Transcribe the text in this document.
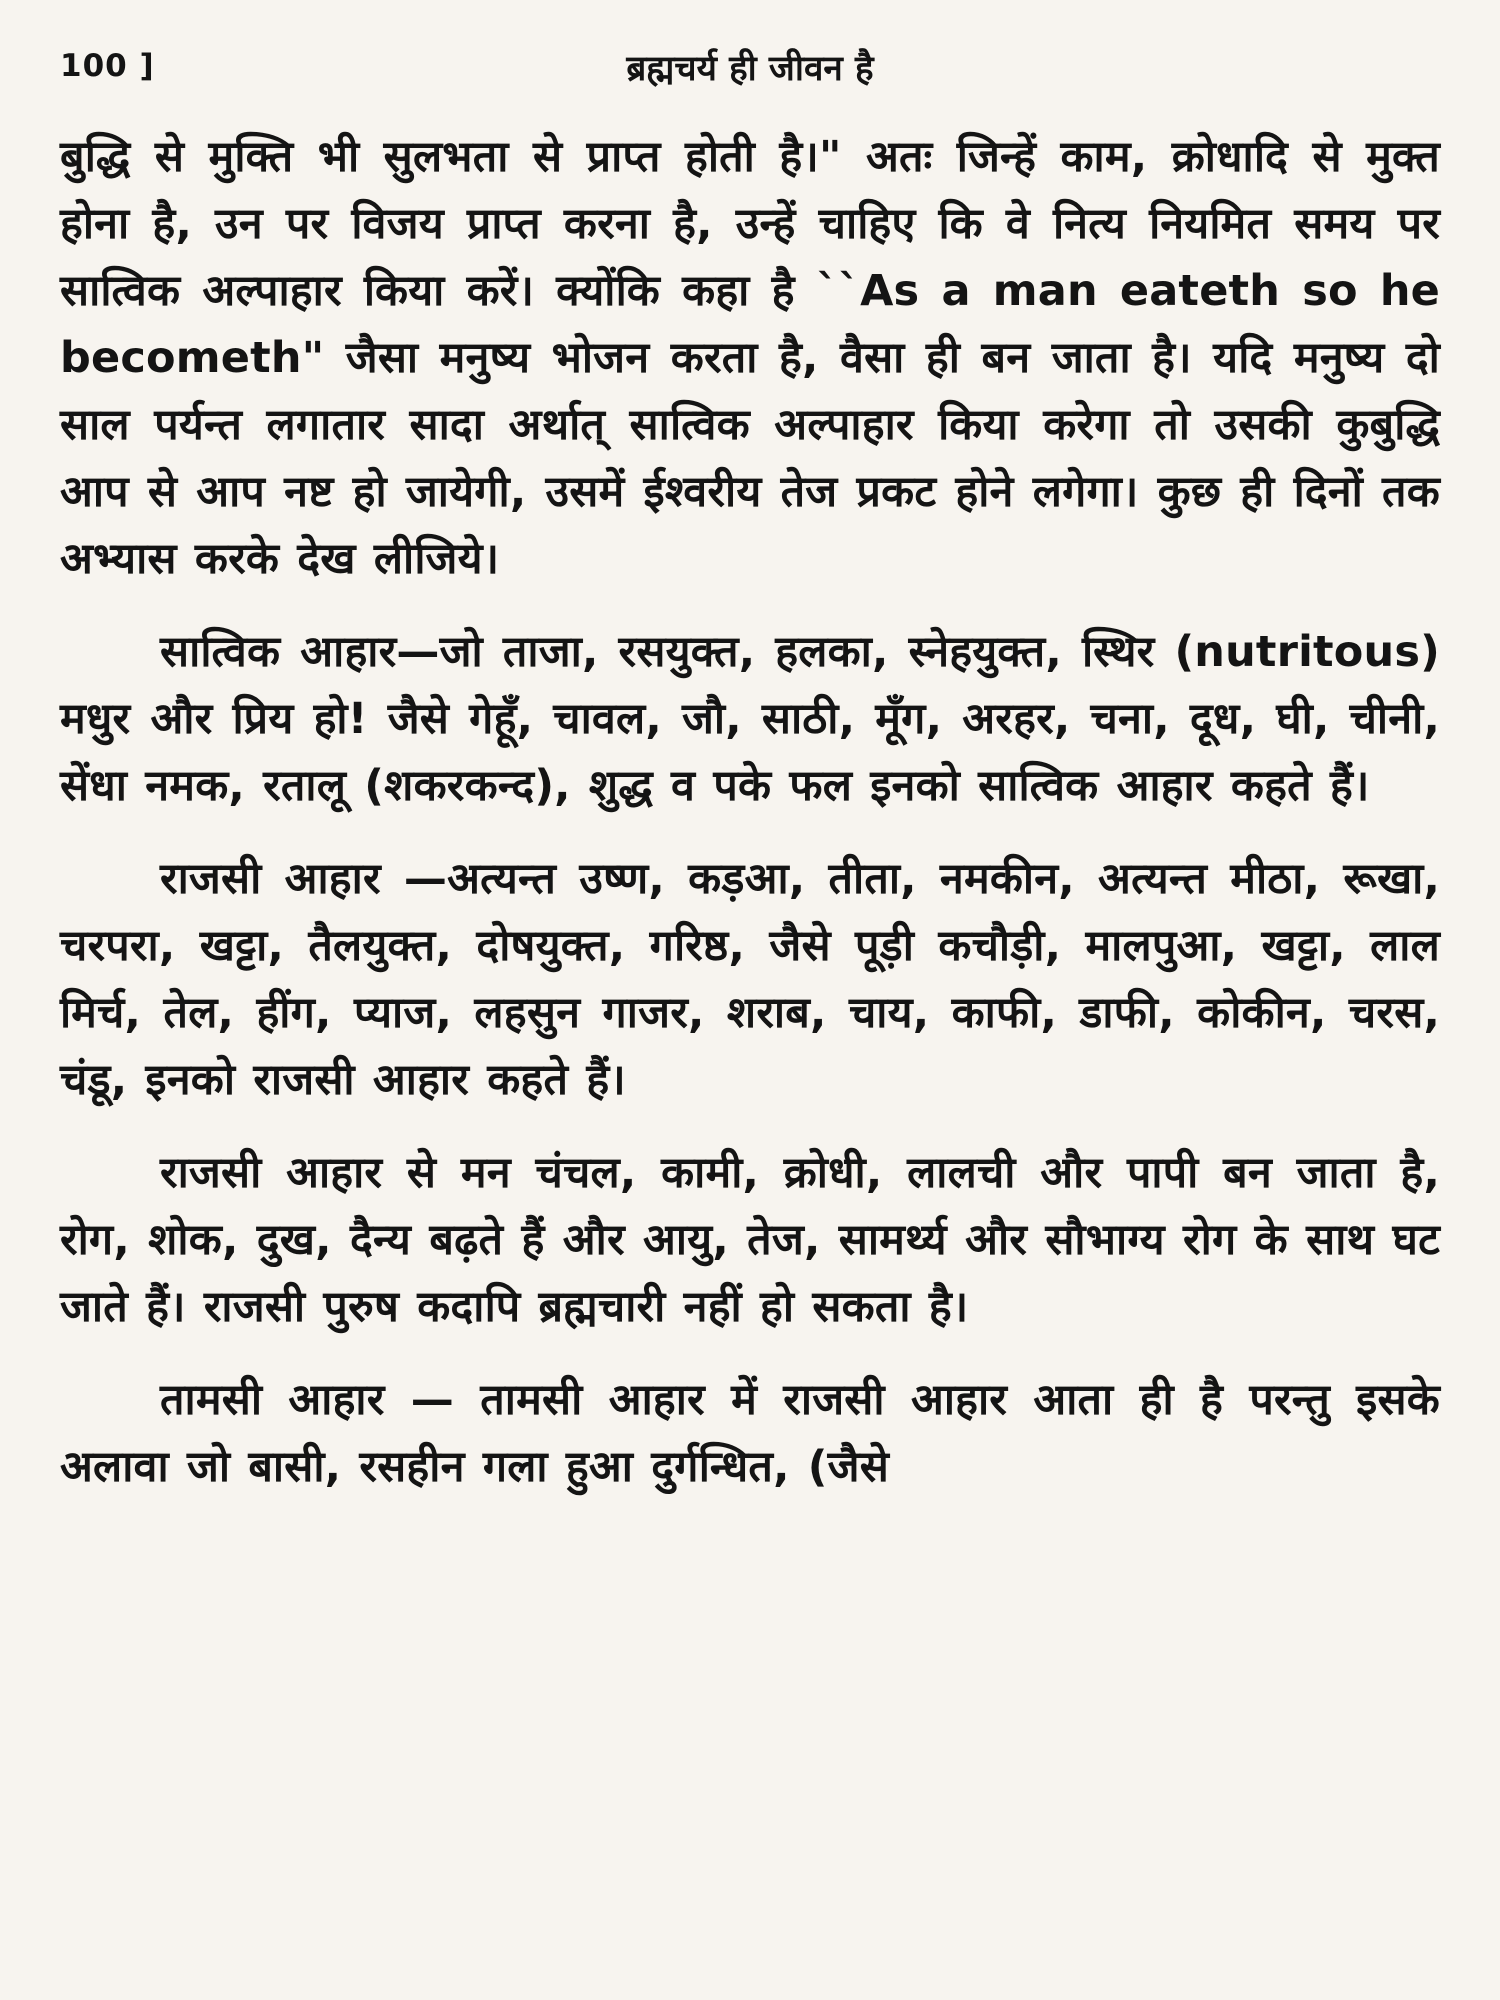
100 ]	ब्रह्मचर्य ही जीवन है

बुद्धि से मुक्ति भी सुलभता से प्राप्त होती है।" अतः जिन्हें काम, क्रोधादि से मुक्त होना है, उन पर विजय प्राप्त करना है, उन्हें चाहिए कि वे नित्य नियमित समय पर सात्विक अल्पाहार किया करें। क्योंकि कहा है ``As a man eateth so he becometh" जैसा मनुष्य भोजन करता है, वैसा ही बन जाता है। यदि मनुष्य दो साल पर्यन्त लगातार सादा अर्थात् सात्विक अल्पाहार किया करेगा तो उसकी कुबुद्धि आप से आप नष्ट हो जायेगी, उसमें ईश्वरीय तेज प्रकट होने लगेगा। कुछ ही दिनों तक अभ्यास करके देख लीजिये।

सात्विक आहार—जो ताजा, रसयुक्त, हलका, स्नेहयुक्त, स्थिर (nutritous) मधुर और प्रिय हो! जैसे गेहूँ, चावल, जौ, साठी, मूँग, अरहर, चना, दूध, घी, चीनी, सेंधा नमक, रतालू (शकरकन्द), शुद्ध व पके फल इनको सात्विक आहार कहते हैं।

राजसी आहार —अत्यन्त उष्ण, कड़आ, तीता, नमकीन, अत्यन्त मीठा, रूखा, चरपरा, खट्टा, तैलयुक्त, दोषयुक्त, गरिष्ठ, जैसे पूड़ी कचौड़ी, मालपुआ, खट्टा, लाल मिर्च, तेल, हींग, प्याज, लहसुन गाजर, शराब, चाय, काफी, डाफी, कोकीन, चरस, चंडू, इनको राजसी आहार कहते हैं।

राजसी आहार से मन चंचल, कामी, क्रोधी, लालची और पापी बन जाता है, रोग, शोक, दुख, दैन्य बढ़ते हैं और आयु, तेज, सामर्थ्य और सौभाग्य रोग के साथ घट जाते हैं। राजसी पुरुष कदापि ब्रह्मचारी नहीं हो सकता है।

तामसी आहार — तामसी आहार में राजसी आहार आता ही है परन्तु इसके अलावा जो बासी, रसहीन गला हुआ दुर्गन्धित, (जैसे
